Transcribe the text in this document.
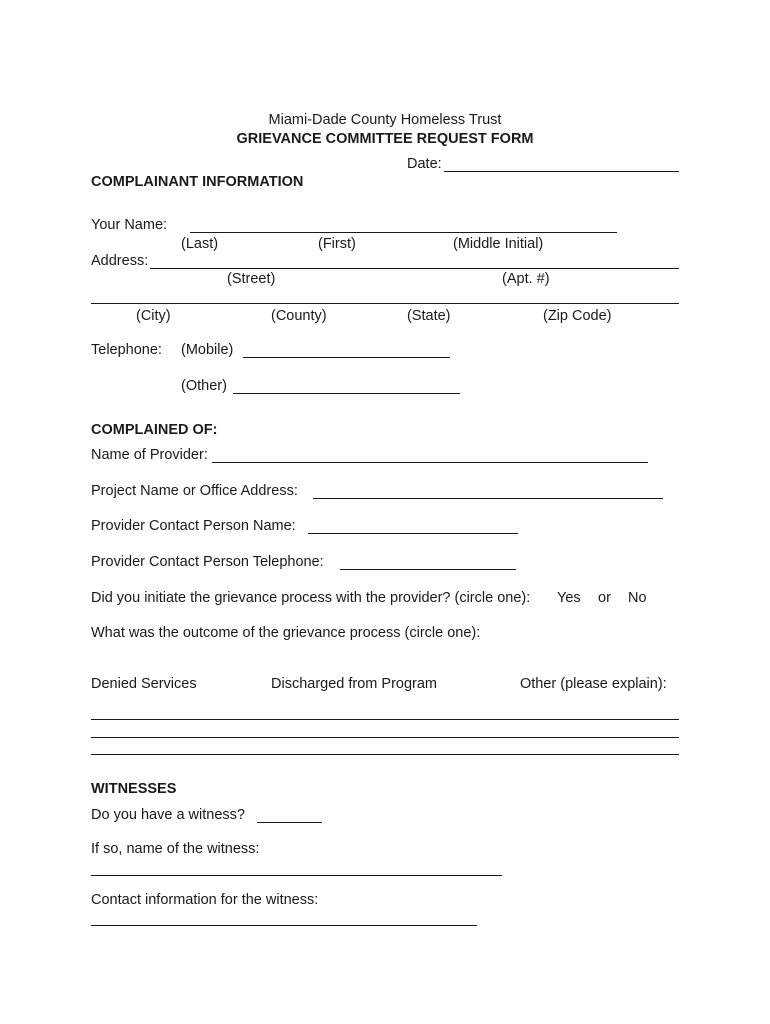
Miami-Dade County Homeless Trust
GRIEVANCE COMMITTEE REQUEST FORM
Date:
COMPLAINANT INFORMATION
Your Name:
(Last)	(First)	(Middle Initial)
Address:
(Street)	(Apt. #)
(City)	(County)	(State)	(Zip Code)
Telephone: (Mobile)
(Other)
COMPLAINED OF:
Name of Provider:
Project Name or Office Address:
Provider Contact Person Name:
Provider Contact Person Telephone:
Did you initiate the grievance process with the provider? (circle one): Yes or No
What was the outcome of the grievance process (circle one):
Denied Services	Discharged from Program	Other (please explain):
WITNESSES
Do you have a witness?
If so, name of the witness:
Contact information for the witness:
